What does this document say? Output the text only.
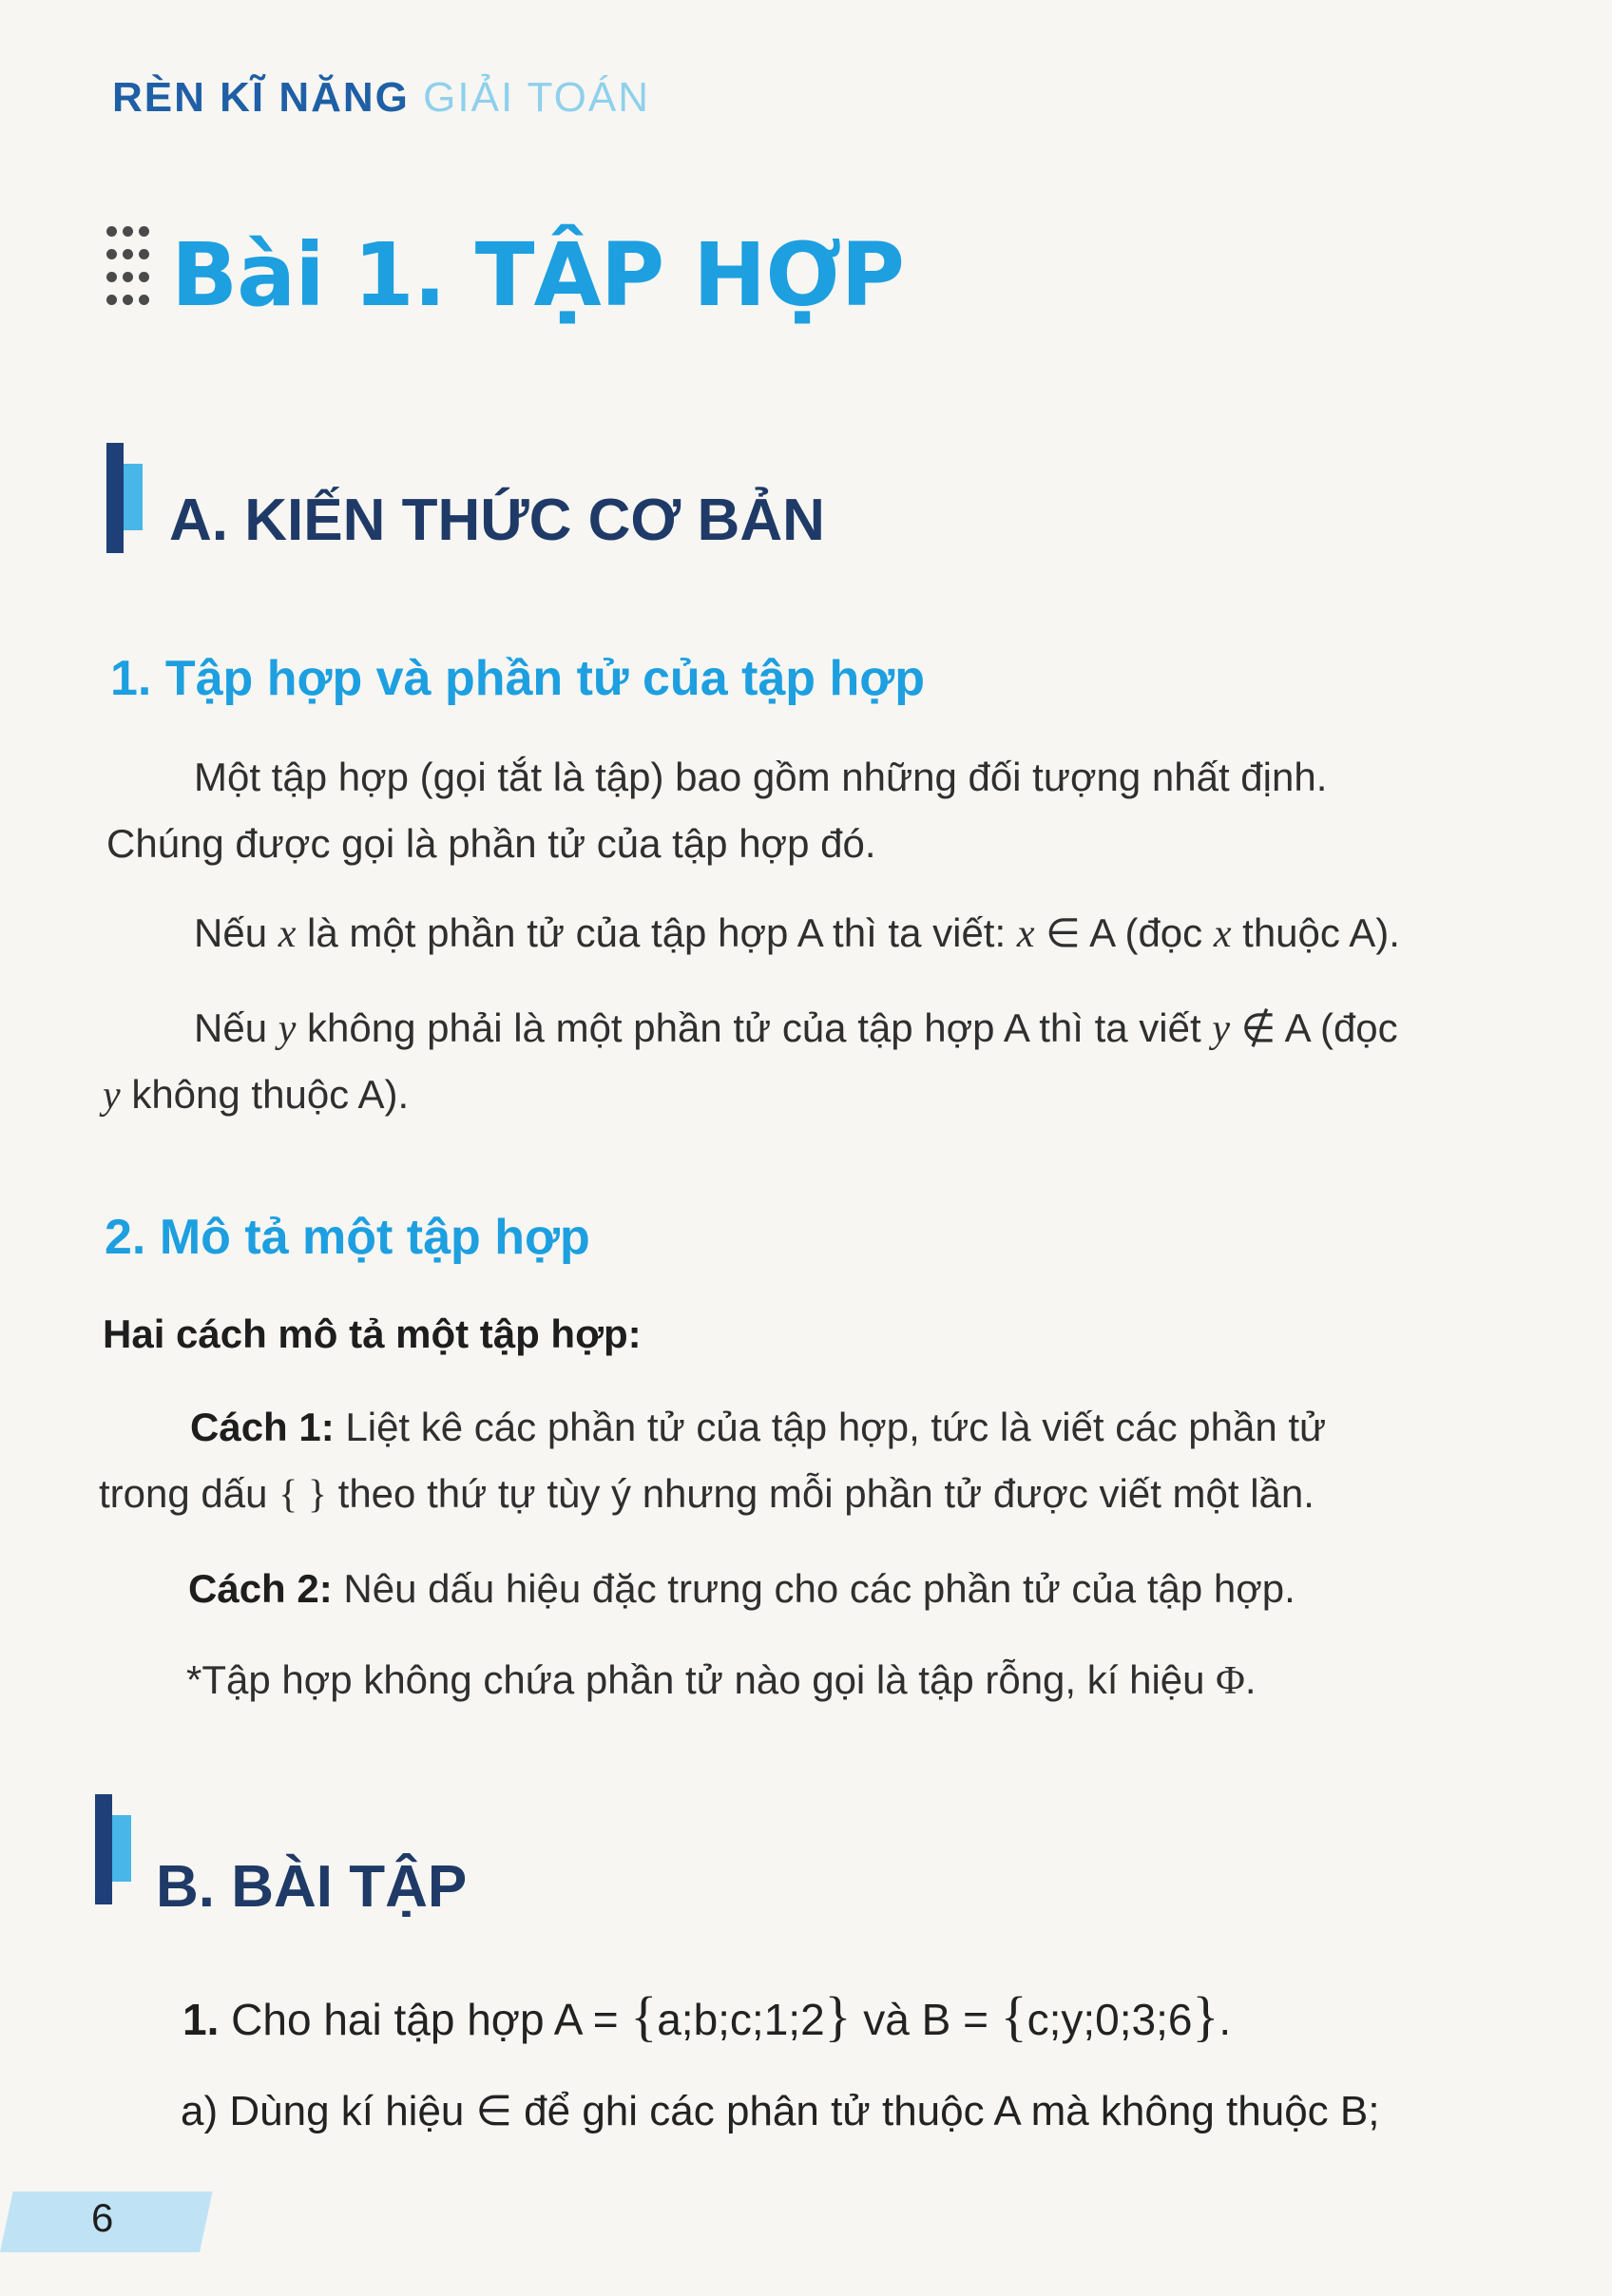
RÈN KĨ NĂNG GIẢI TOÁN
Bài 1. TẬP HỢP
A. KIẾN THỨC CƠ BẢN
1. Tập hợp và phần tử của tập hợp
Một tập hợp (gọi tắt là tập) bao gồm những đối tượng nhất định.
Chúng được gọi là phần tử của tập hợp đó.
Nếu x là một phần tử của tập hợp A thì ta viết: x ∈ A (đọc x thuộc A).
Nếu y không phải là một phần tử của tập hợp A thì ta viết y ∉ A (đọc
y không thuộc A).
2. Mô tả một tập hợp
Hai cách mô tả một tập hợp:
Cách 1: Liệt kê các phần tử của tập hợp, tức là viết các phần tử
trong dấu { } theo thứ tự tùy ý nhưng mỗi phần tử được viết một lần.
Cách 2: Nêu dấu hiệu đặc trưng cho các phần tử của tập hợp.
*Tập hợp không chứa phần tử nào gọi là tập rỗng, kí hiệu Φ.
B. BÀI TẬP
1. Cho hai tập hợp A = {a;b;c;1;2} và B = {c;y;0;3;6}.
a) Dùng kí hiệu ∈ để ghi các phân tử thuộc A mà không thuộc B;
6
